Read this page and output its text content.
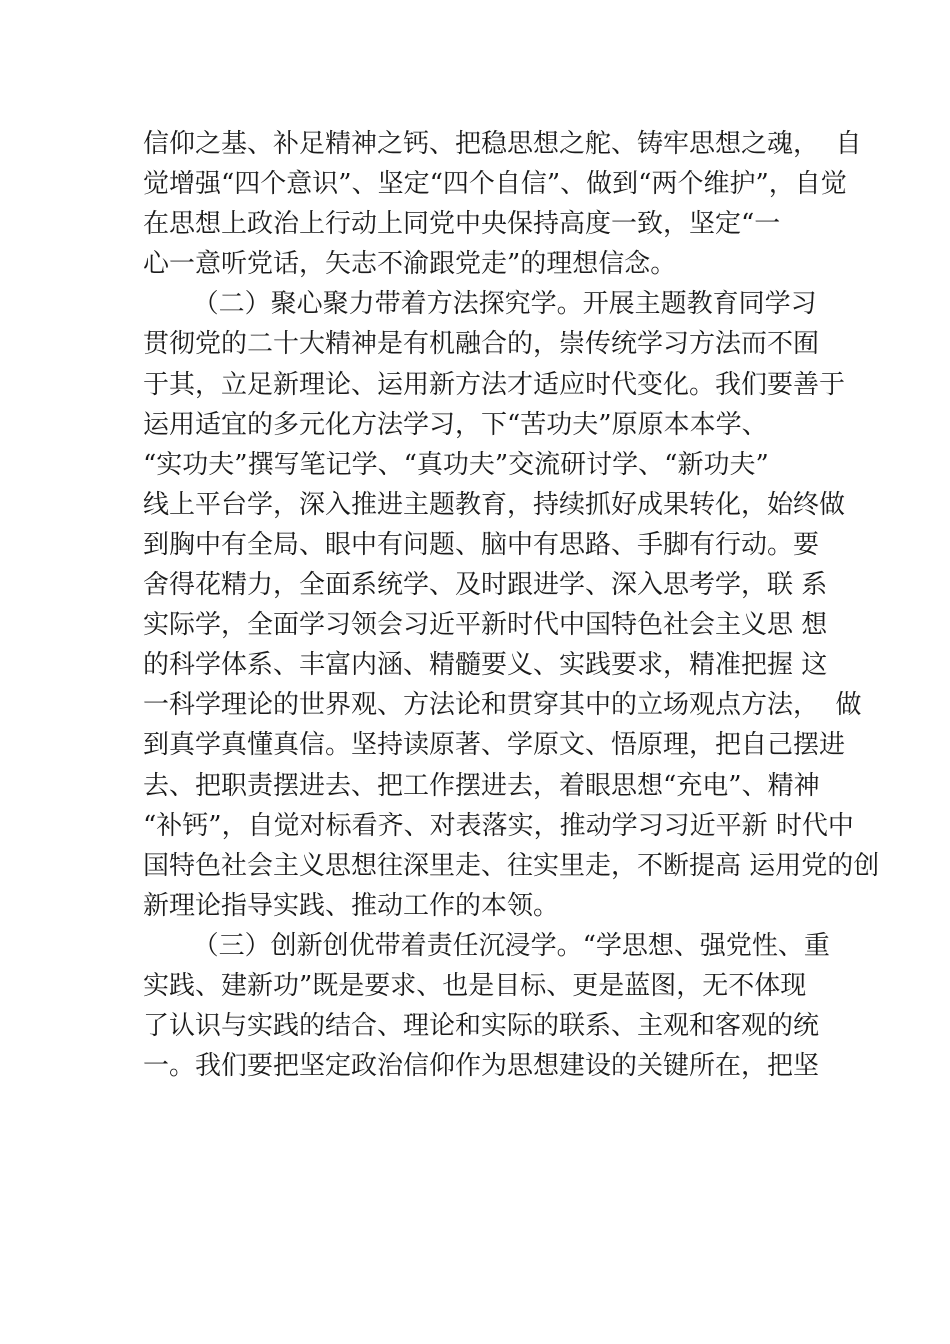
信仰之基、补足精神之钙、把稳思想之舵、铸牢思想之魂，  自
觉增强“四个意识”、坚定“四个自信”、做到“两个维护”，自觉
在思想上政治上行动上同党中央保持高度一致，坚定“一
心一意听党话，矢志不渝跟党走”的理想信念。
（二）聚心聚力带着方法探究学。开展主题教育同学习
贯彻党的二十大精神是有机融合的，崇传统学习方法而不囿
于其，立足新理论、运用新方法才适应时代变化。我们要善于
运用适宜的多元化方法学习，下“苦功夫”原原本本学、
“实功夫”撰写笔记学、“真功夫”交流研讨学、“新功夫”
线上平台学，深入推进主题教育，持续抓好成果转化，始终做
到胸中有全局、眼中有问题、脑中有思路、手脚有行动。要
舍得花精力，全面系统学、及时跟进学、深入思考学，联 系
实际学，全面学习领会习近平新时代中国特色社会主义思 想
的科学体系、丰富内涵、精髓要义、实践要求，精准把握 这
一科学理论的世界观、方法论和贯穿其中的立场观点方法，  做
到真学真懂真信。坚持读原著、学原文、悟原理，把自己摆进
去、把职责摆进去、把工作摆进去，着眼思想“充电”、精神
“补钙”，自觉对标看齐、对表落实，推动学习习近平新 时代中
国特色社会主义思想往深里走、往实里走，不断提高 运用党的创
新理论指导实践、推动工作的本领。
（三）创新创优带着责任沉浸学。“学思想、强党性、重
实践、建新功”既是要求、也是目标、更是蓝图，无不体现
了认识与实践的结合、理论和实际的联系、主观和客观的统
一。我们要把坚定政治信仰作为思想建设的关键所在，把坚
